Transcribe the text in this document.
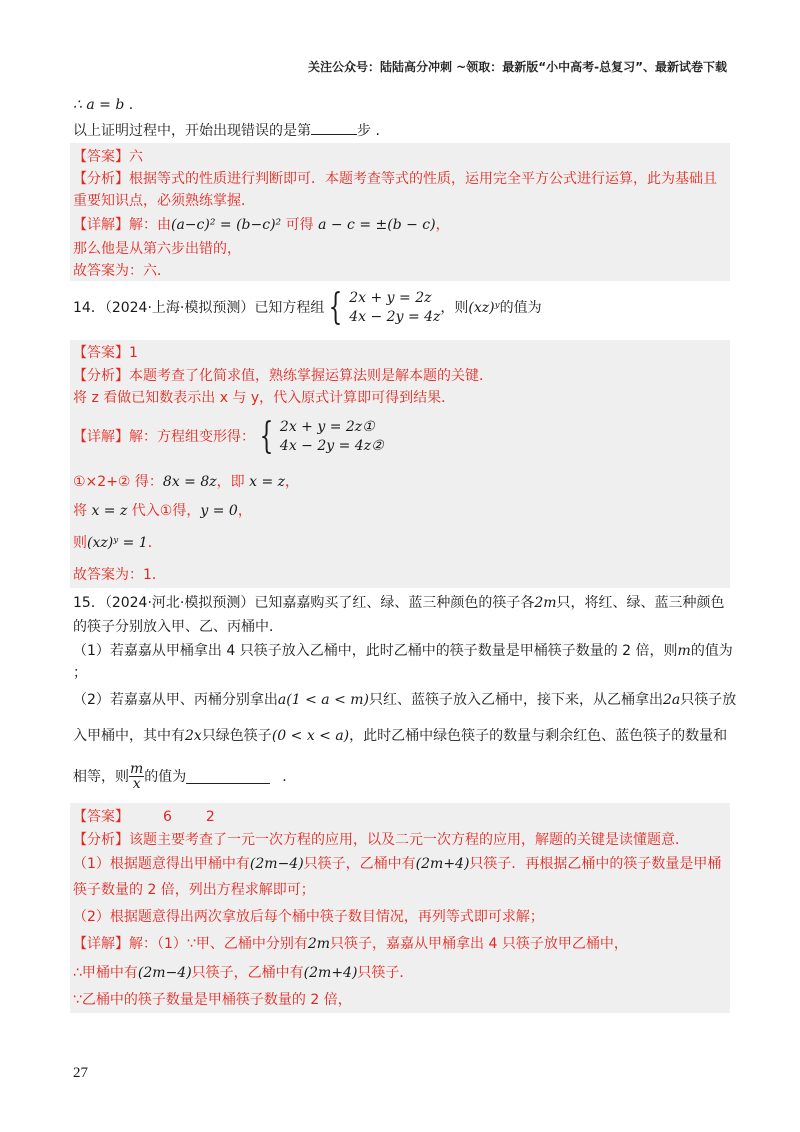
关注公众号：陆陆高分冲刺 ~领取：最新版“小中高考-总复习”、最新试卷下载
∴ a = b .
以上证明过程中，开始出现错误的是第	步 .
【答案】六
【分析】根据等式的性质进行判断即可．本题考查等式的性质，运用完全平方公式进行运算，此为基础且
重要知识点，必须熟练掌握．
【详解】解：由(a−c)² = (b−c)² 可得 a − c = ±(b − c)，
那么他是从第六步出错的，
故答案为：六．
14．（2024·上海·模拟预测）已知方程组 { 2x + y = 2z
4x − 2y = 4z
，则 (xz)ʸ 的值为
【答案】1
【分析】本题考查了化简求值，熟练掌握运算法则是解本题的关键．
将 z 看做已知数表示出 x 与 y，代入原式计算即可得到结果．
【详解】解：方程组变形得： { 2x + y = 2z①
4x − 2y = 4z②
①×2+② 得：8x = 8z，即 x = z，
将 x = z 代入①得，y = 0，
则(xz)ʸ = 1．
故答案为：1．
15．（2024·河北·模拟预测）已知嘉嘉购买了红、绿、蓝三种颜色的筷子各2m只，将红、绿、蓝三种颜色
的筷子分别放入甲、乙、丙桶中．
（1）若嘉嘉从甲桶拿出 4 只筷子放入乙桶中，此时乙桶中的筷子数量是甲桶筷子数量的 2 倍，则m的值为
；
（2）若嘉嘉从甲、丙桶分别拿出a(1 < a < m)只红、蓝筷子放入乙桶中，接下来，从乙桶拿出2a只筷子放
入甲桶中，其中有2x只绿色筷子(0 < x < a)，此时乙桶中绿色筷子的数量与剩余红色、蓝色筷子的数量和
相等，则 $\frac{m}{x}$ 的值为	．
【答案】 6 2
【分析】该题主要考查了一元一次方程的应用，以及二元一次方程的应用，解题的关键是读懂题意．
（1）根据题意得出甲桶中有(2m−4)只筷子，乙桶中有(2m+4)只筷子．再根据乙桶中的筷子数量是甲桶
筷子数量的 2 倍，列出方程求解即可；
（2）根据题意得出两次拿放后每个桶中筷子数目情况，再列等式即可求解；
【详解】解：（1）∵甲、乙桶中分别有2m只筷子，嘉嘉从甲桶拿出 4 只筷子放甲乙桶中，
∴甲桶中有(2m−4)只筷子，乙桶中有(2m+4)只筷子．
∵乙桶中的筷子数量是甲桶筷子数量的 2 倍，
27
